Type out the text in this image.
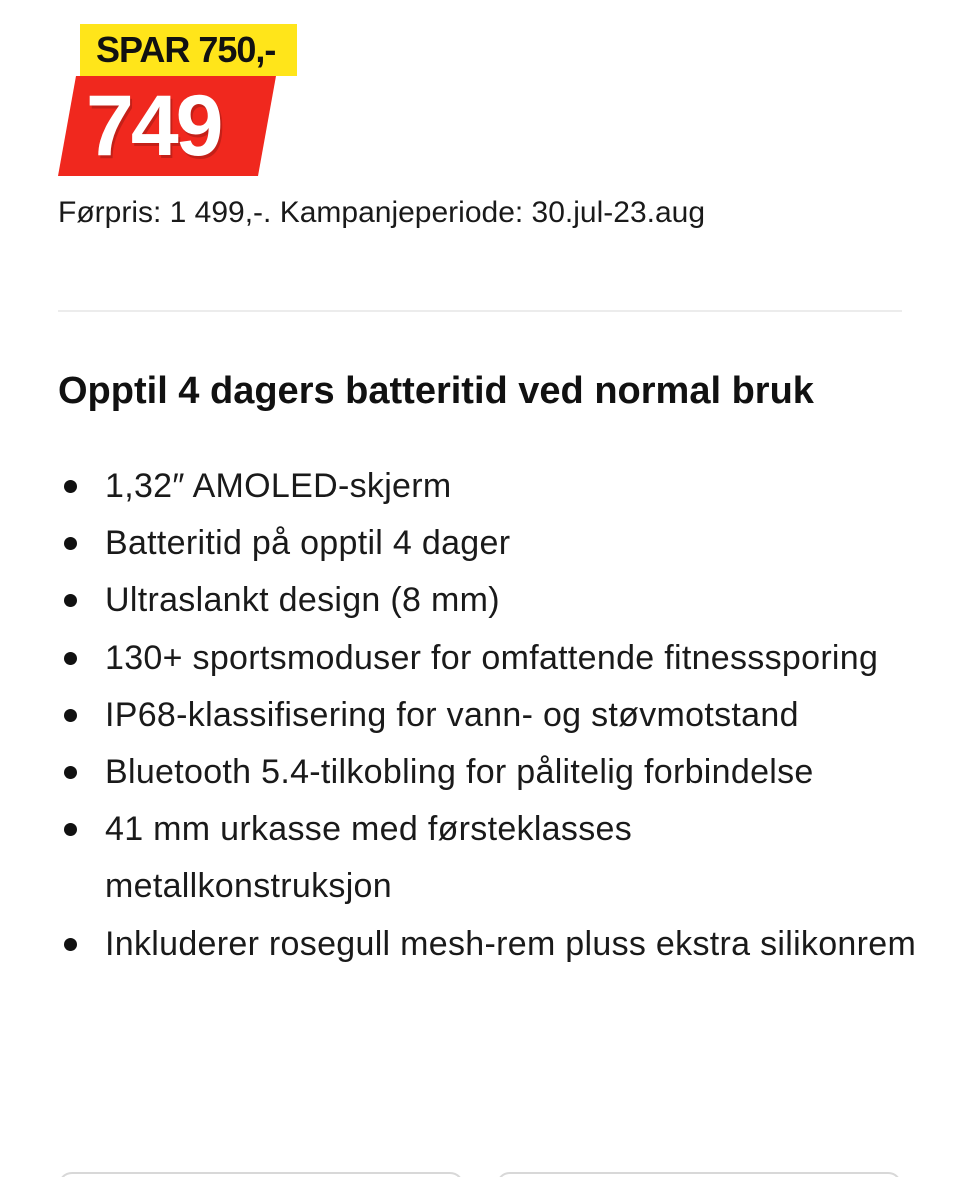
SPAR 750,-
749
Førpris: 1 499,-. Kampanjeperiode: 30.jul-23.aug
Opptil 4 dagers batteritid ved normal bruk
1,32″ AMOLED-skjerm
Batteritid på opptil 4 dager
Ultraslankt design (8 mm)
130+ sportsmoduser for omfattende fitnesssporing
IP68-klassifisering for vann- og støvmotstand
Bluetooth 5.4-tilkobling for pålitelig forbindelse
41 mm urkasse med førsteklasses metallkonstruksjon
Inkluderer rosegull mesh-rem pluss ekstra silikonrem
